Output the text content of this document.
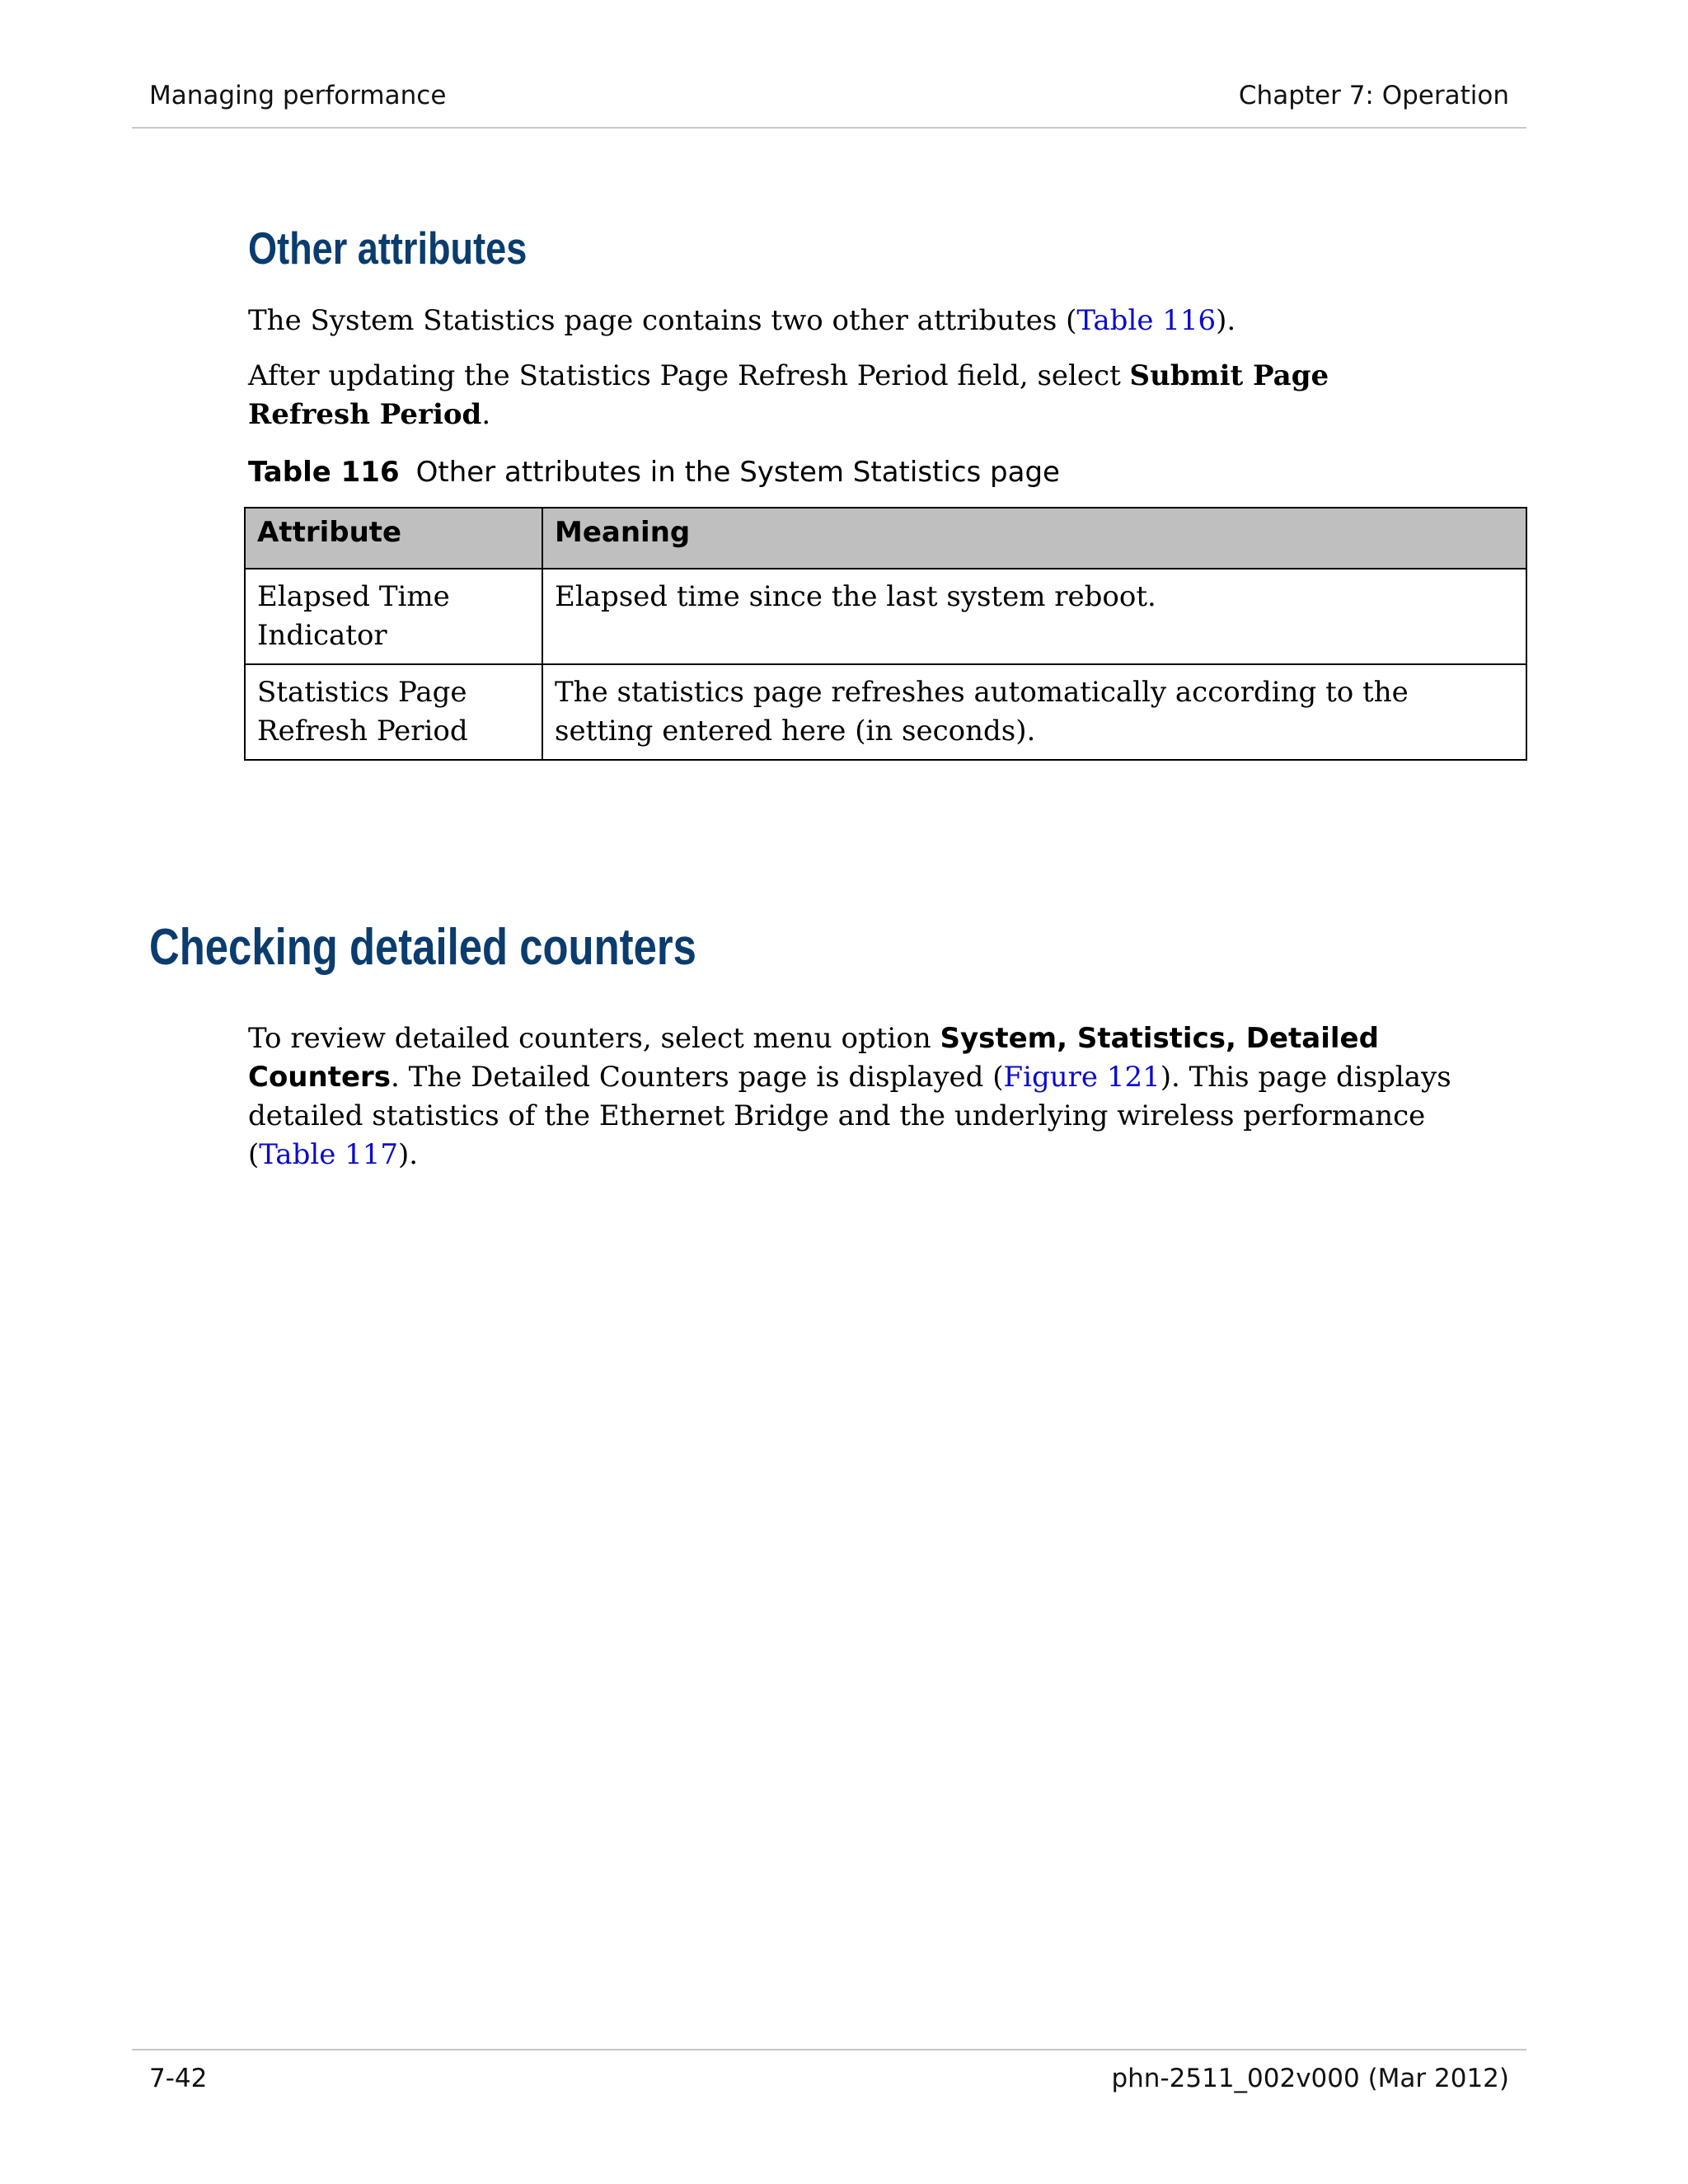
Managing performance	Chapter 7: Operation
Other attributes

The System Statistics page contains two other attributes (Table 116).

After updating the Statistics Page Refresh Period field, select Submit Page Refresh Period.

Table 116 Other attributes in the System Statistics page
Attribute	Meaning
Elapsed Time Indicator	Elapsed time since the last system reboot.
Statistics Page Refresh Period	The statistics page refreshes automatically according to the setting entered here (in seconds).
Checking detailed counters

To review detailed counters, select menu option System, Statistics, Detailed Counters. The Detailed Counters page is displayed (Figure 121). This page displays detailed statistics of the Ethernet Bridge and the underlying wireless performance (Table 117).

7-42	phn-2511_002v000 (Mar 2012)
